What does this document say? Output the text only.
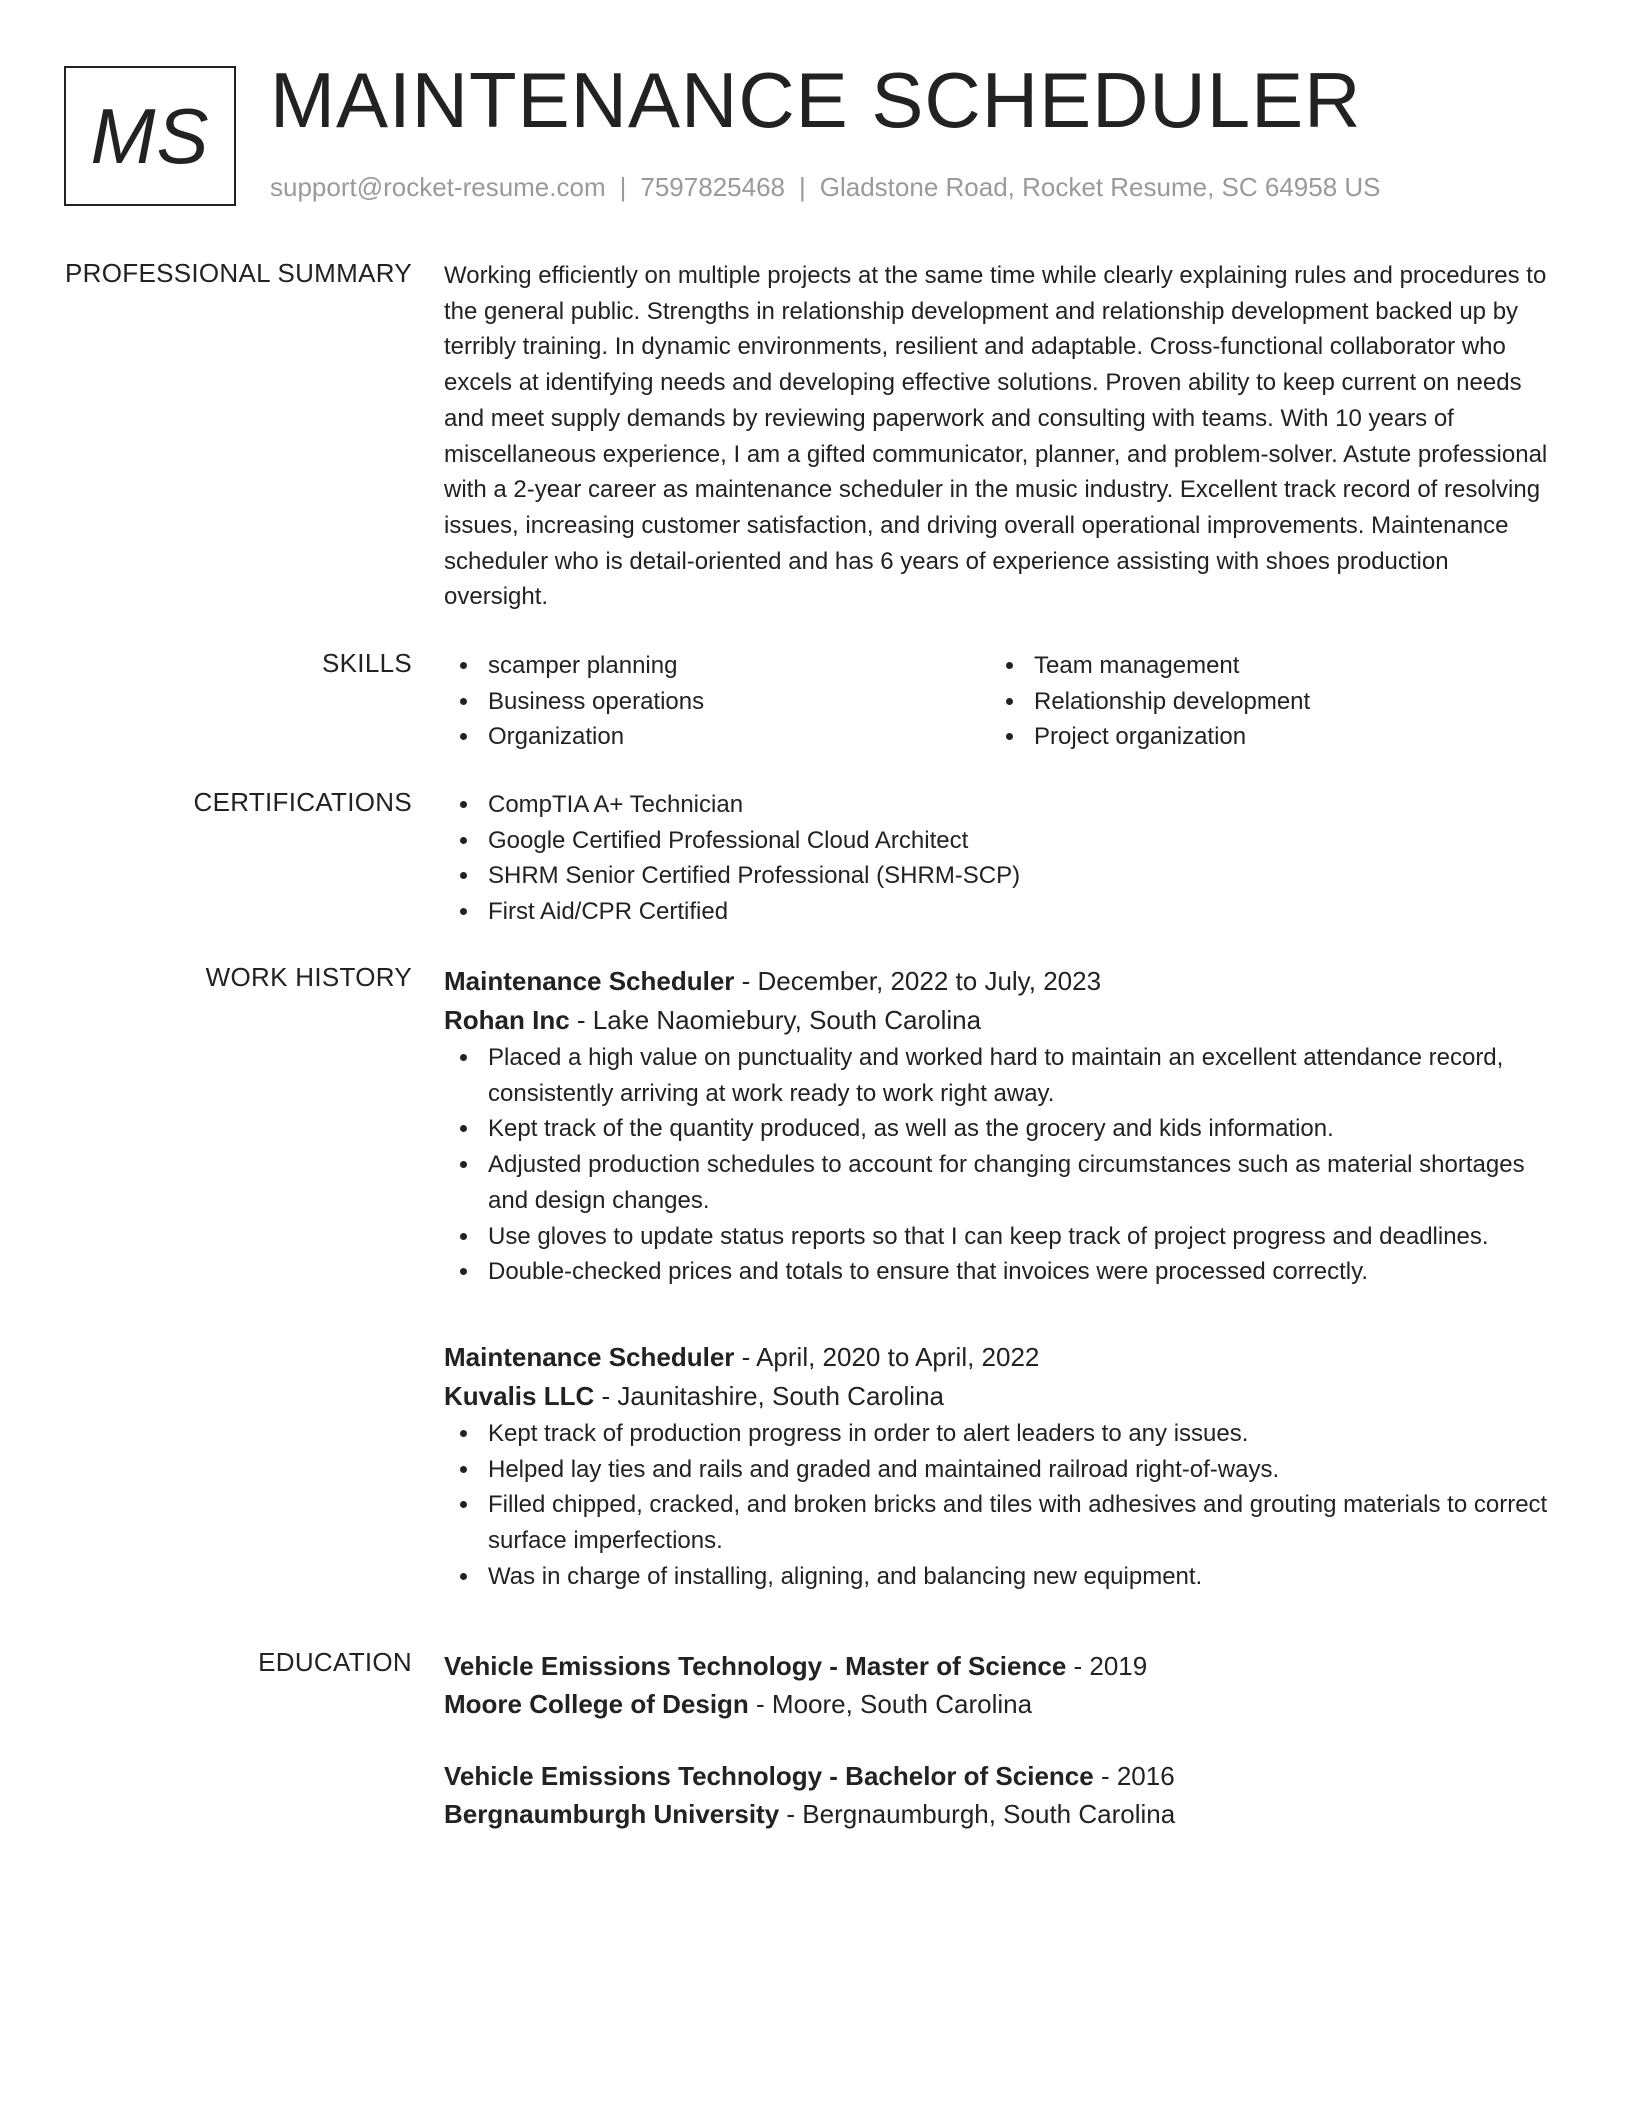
MS MAINTENANCE SCHEDULER
support@rocket-resume.com | 7597825468 | Gladstone Road, Rocket Resume, SC 64958 US
PROFESSIONAL SUMMARY Working efficiently on multiple projects at the same time while clearly explaining rules and procedures to the general public. Strengths in relationship development and relationship development backed up by terribly training. In dynamic environments, resilient and adaptable. Cross-functional collaborator who excels at identifying needs and developing effective solutions. Proven ability to keep current on needs and meet supply demands by reviewing paperwork and consulting with teams. With 10 years of miscellaneous experience, I am a gifted communicator, planner, and problem-solver. Astute professional with a 2-year career as maintenance scheduler in the music industry. Excellent track record of resolving issues, increasing customer satisfaction, and driving overall operational improvements. Maintenance scheduler who is detail-oriented and has 6 years of experience assisting with shoes production oversight.

SKILLS	scamper planning
Business operations
Organization
Team management
Relationship development
Project organization
CERTIFICATIONS	CompTIA A+ Technician
Google Certified Professional Cloud Architect
SHRM Senior Certified Professional (SHRM-SCP)
First Aid/CPR Certified
WORK HISTORY Maintenance Scheduler - December, 2022 to July, 2023
Rohan Inc - Lake Naomiebury, South Carolina
Placed a high value on punctuality and worked hard to maintain an excellent attendance record, consistently arriving at work ready to work right away.
Kept track of the quantity produced, as well as the grocery and kids information.
Adjusted production schedules to account for changing circumstances such as material shortages and design changes.
Use gloves to update status reports so that I can keep track of project progress and deadlines.
Double-checked prices and totals to ensure that invoices were processed correctly.
Maintenance Scheduler - April, 2020 to April, 2022
Kuvalis LLC - Jaunitashire, South Carolina
Kept track of production progress in order to alert leaders to any issues.
Helped lay ties and rails and graded and maintained railroad right-of-ways.
Filled chipped, cracked, and broken bricks and tiles with adhesives and grouting materials to correct surface imperfections.
Was in charge of installing, aligning, and balancing new equipment.
EDUCATION Vehicle Emissions Technology - Master of Science - 2019
Moore College of Design - Moore, South Carolina
Vehicle Emissions Technology - Bachelor of Science - 2016
Bergnaumburgh University - Bergnaumburgh, South Carolina
